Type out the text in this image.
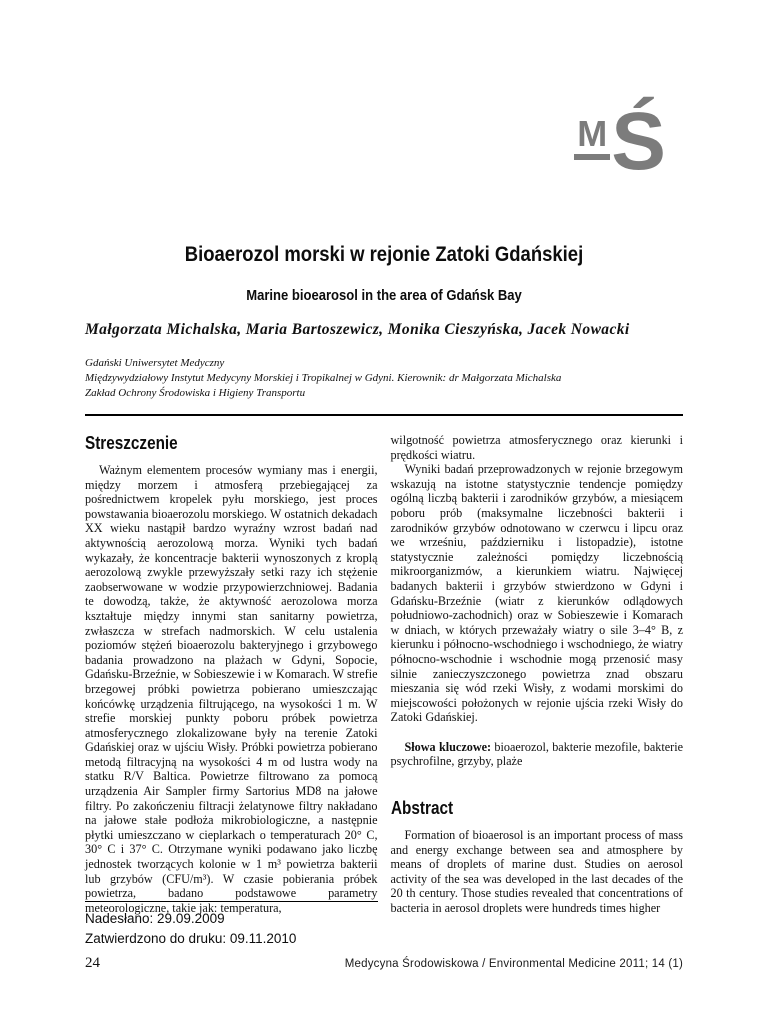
M Ś
Bioaerozol morski w rejonie Zatoki Gdańskiej
Marine bioearosol in the area of Gdańsk Bay
Małgorzata Michalska, Maria Bartoszewicz, Monika Cieszyńska, Jacek Nowacki
Gdański Uniwersytet Medyczny
Międzywydziałowy Instytut Medycyny Morskiej i Tropikalnej w Gdyni. Kierownik: dr Małgorzata Michalska
Zakład Ochrony Środowiska i Higieny Transportu
Streszczenie

Ważnym elementem procesów wymiany mas i energii, między morzem i atmosferą przebiegającej za pośrednictwem kropelek pyłu morskiego, jest proces powstawania bioaerozolu morskiego. W ostatnich dekadach XX wieku nastąpił bardzo wyraźny wzrost badań nad aktywnością aerozolową morza. Wyniki tych badań wykazały, że koncentracje bakterii wynoszonych z kroplą aerozolową zwykle przewyższały setki razy ich stężenie zaobserwowane w wodzie przypowierzchniowej. Badania te dowodzą, także, że aktywność aerozolowa morza kształtuje między innymi stan sanitarny powietrza, zwłaszcza w strefach nadmorskich. W celu ustalenia poziomów stężeń bioaerozolu bakteryjnego i grzybowego badania prowadzono na plażach w Gdyni, Sopocie, Gdańsku-Brzeźnie, w Sobieszewie i w Komarach. W strefie brzegowej próbki powietrza pobierano umieszczając końcówkę urządzenia filtrującego, na wysokości 1 m. W strefie morskiej punkty poboru próbek powietrza atmosferycznego zlokalizowane były na terenie Zatoki Gdańskiej oraz w ujściu Wisły. Próbki powietrza pobierano metodą filtracyjną na wysokości 4 m od lustra wody na statku R/V Baltica. Powietrze filtrowano za pomocą urządzenia Air Sampler firmy Sartorius MD8 na jałowe filtry. Po zakończeniu filtracji żelatynowe filtry nakładano na jałowe stałe podłoża mikrobiologiczne, a następnie płytki umieszczano w cieplarkach o temperaturach 20° C, 30° C i 37° C. Otrzymane wyniki podawano jako liczbę jednostek tworzących kolonie w 1 m³ powietrza bakterii lub grzybów (CFU/m³). W czasie pobierania próbek powietrza, badano podstawowe parametry meteorologiczne, takie jak: temperatura,

wilgotność powietrza atmosferycznego oraz kierunki i prędkości wiatru.

Wyniki badań przeprowadzonych w rejonie brzegowym wskazują na istotne statystycznie tendencje pomiędzy ogólną liczbą bakterii i zarodników grzybów, a miesiącem poboru prób (maksymalne liczebności bakterii i zarodników grzybów odnotowano w czerwcu i lipcu oraz we wrześniu, październiku i listopadzie), istotne statystycznie zależności pomiędzy liczebnością mikroorganizmów, a kierunkiem wiatru. Najwięcej badanych bakterii i grzybów stwierdzono w Gdyni i Gdańsku-Brzeźnie (wiatr z kierunków odlądowych południowo-zachodnich) oraz w Sobieszewie i Komarach w dniach, w których przeważały wiatry o sile 3–4° B, z kierunku i północno-wschodniego i wschodniego, że wiatry północno-wschodnie i wschodnie mogą przenosić masy silnie zanieczyszczonego powietrza znad obszaru mieszania się wód rzeki Wisły, z wodami morskimi do miejscowości położonych w rejonie ujścia rzeki Wisły do Zatoki Gdańskiej.

Słowa kluczowe: bioaerozol, bakterie mezofile, bakterie psychrofilne, grzyby, plaże

Abstract

Formation of bioaerosol is an important process of mass and energy exchange between sea and atmosphere by means of droplets of marine dust. Studies on aerosol activity of the sea was developed in the last decades of the 20 th century. Those studies revealed that concentrations of bacteria in aerosol droplets were hundreds times higher

Nadesłano: 29.09.2009
Zatwierdzono do druku: 09.11.2010
24	Medycyna Środowiskowa / Environmental Medicine 2011; 14 (1)
